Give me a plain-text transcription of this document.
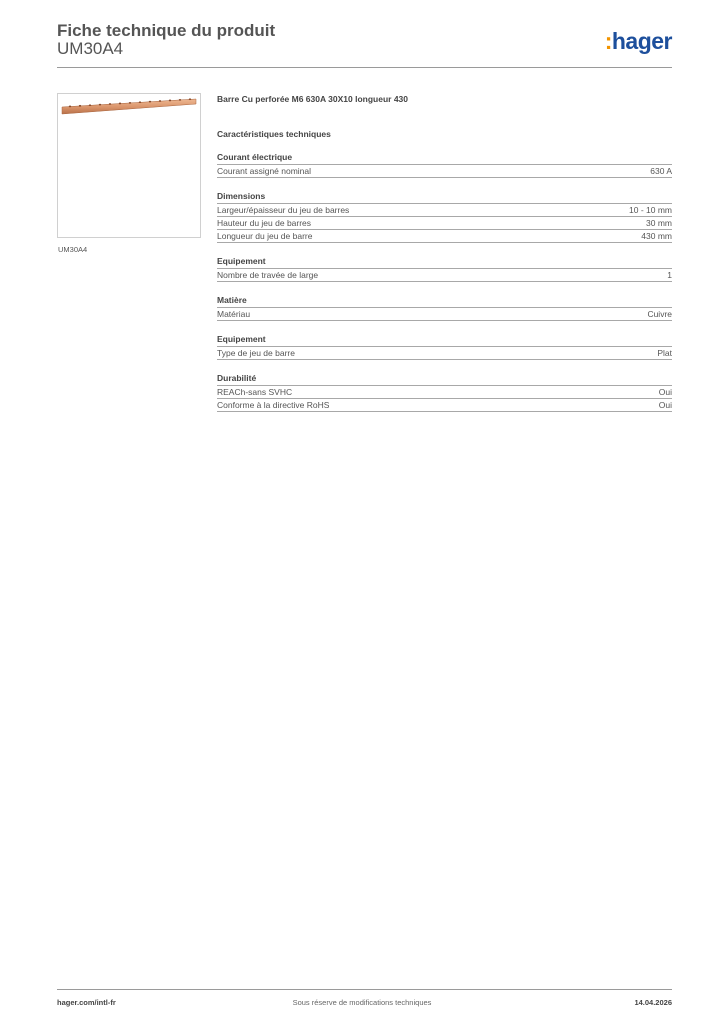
Fiche technique du produit
UM30A4	:hager
UM30A4

Barre Cu perforée M6 630A 30X10 longueur 430

Caractéristiques techniques
Courant électrique
Courant assigné nominal	630 A
Dimensions
Largeur/épaisseur du jeu de barres	10 - 10 mm
Hauteur du jeu de barres	30 mm
Longueur du jeu de barre	430 mm
Equipement
Nombre de travée de large	1
Matière
Matériau	Cuivre
Equipement
Type de jeu de barre	Plat
Durabilité
REACh-sans SVHC	Oui
Conforme à la directive RoHS	Oui
hager.com/intl-fr	Sous réserve de modifications techniques	14.04.2026
